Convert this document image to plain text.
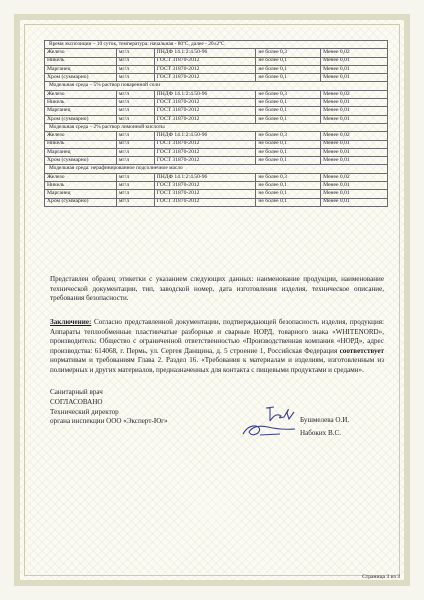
Время экспозиции – 10 суток, температура: начальная - 80ºС, далее - 20±2ºС				
Железо	мг/л	ПНДФ 14.1:2:4.50-96	не более 0,3	Менее 0,02
Никель	мг/л	ГОСТ 31870-2012	не более 0,1	Менее 0,01
Марганец	мг/л	ГОСТ 31870-2012	не более 0,1	Менее 0,01
Хром (суммарно)	мг/л	ГОСТ 31870-2012	не более 0,1	Менее 0,01
Модельная среда – 5% раствор поваренной соли				
Железо	мг/л	ПНДФ 14.1:2:4.50-96	не более 0,3	Менее 0,02
Никель	мг/л	ГОСТ 31870-2012	не более 0,1	Менее 0,01
Марганец	мг/л	ГОСТ 31870-2012	не более 0,1	Менее 0,01
Хром (суммарно)	мг/л	ГОСТ 31870-2012	не более 0,1	Менее 0,01
Модельная среда – 2% раствор лимонной кислоты				
Железо	мг/л	ПНДФ 14.1:2:4.50-96	не более 0,3	Менее 0,02
Никель	мг/л	ГОСТ 31870-2012	не более 0,1	Менее 0,01
Марганец	мг/л	ГОСТ 31870-2012	не более 0,1	Менее 0,01
Хром (суммарно)	мг/л	ГОСТ 31870-2012	не более 0,1	Менее 0,01
Модельная среда: нерафинированное подсолнечное масло				
Железо	мг/л	ПНДФ 14.1:2:4.50-96	не более 0,3	Менее 0,02
Никель	мг/л	ГОСТ 31870-2012	не более 0,1	Менее 0,01
Марганец	мг/л	ГОСТ 31870-2012	не более 0,1	Менее 0,01
Хром (суммарно)	мг/л	ГОСТ 31870-2012	не более 0,1	Менее 0,01
Представлен образец этикетки с указанием следующих данных: наименование продукции, наименование технической документации, тип, заводской номер, дата изготовления изделия, техническое описание, требования безопасности.
Заключение: Согласно представленной документации, подтверждающей безопасность изделия, продукция: Аппараты теплообменные пластинчатые разборные и сварные НОРД, товарного знака «WHITENORD», производитель: Общество с ограниченной ответственностью «Производственная компания «НОРД», адрес производства: 614068, г. Пермь, ул. Сергея Данщина, д. 5 строение 1, Российская Федерация соответствует нормативам и требованиям Глава 2. Раздел 16. «Требования к материалам и изделиям, изготовленным из полимерных и других материалов, предназначенных для контакта с пищевыми продуктами и средами».
Санитарный врач
СОГЛАСОВАНО
Технический директор
органа инспекции ООО «Эксперт-Юг»	Бушмелева О.И.
Набоких В.С.
Страница 3 из 3
